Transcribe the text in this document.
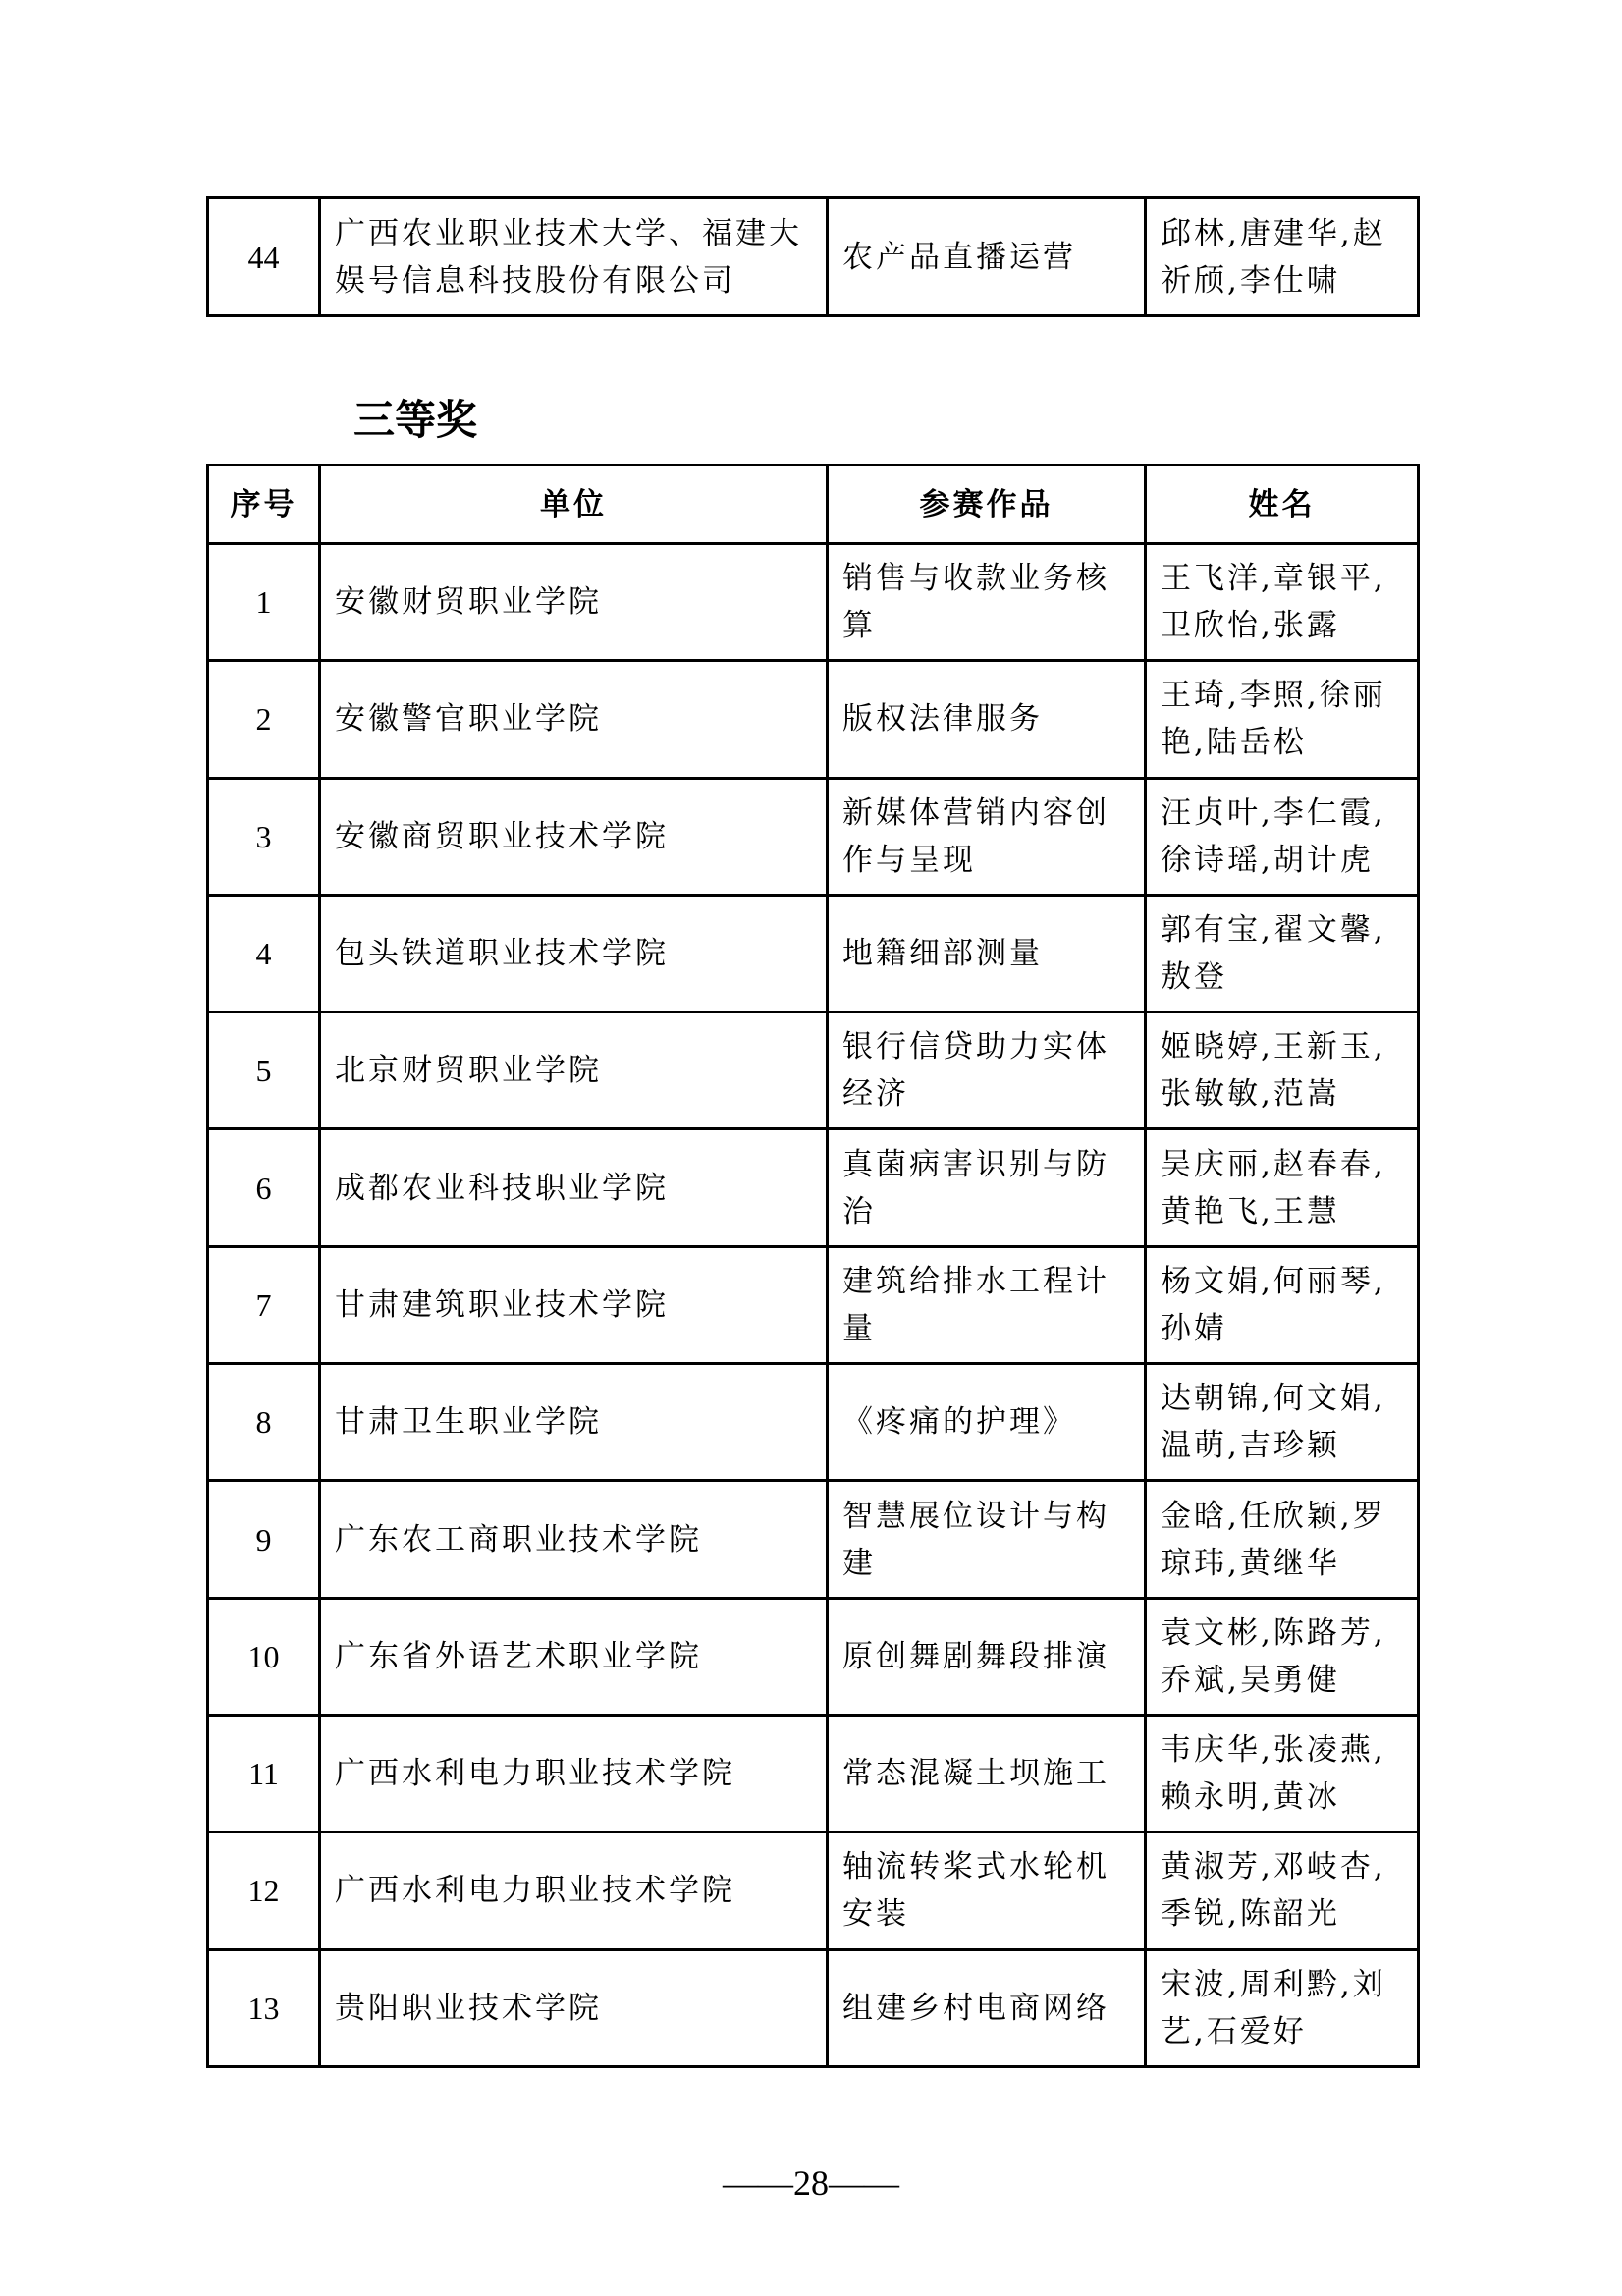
44	广西农业职业技术大学、福建大娱号信息科技股份有限公司	农产品直播运营	邱林,唐建华,赵祈颀,李仕啸
三等奖
序号	单位	参赛作品	姓名
1	安徽财贸职业学院	销售与收款业务核算	王飞洋,章银平,卫欣怡,张露
2	安徽警官职业学院	版权法律服务	王琦,李照,徐丽艳,陆岳松
3	安徽商贸职业技术学院	新媒体营销内容创作与呈现	汪贞叶,李仁霞,徐诗瑶,胡计虎
4	包头铁道职业技术学院	地籍细部测量	郭有宝,翟文馨,敖登
5	北京财贸职业学院	银行信贷助力实体经济	姬晓婷,王新玉,张敏敏,范嵩
6	成都农业科技职业学院	真菌病害识别与防治	吴庆丽,赵春春,黄艳飞,王慧
7	甘肃建筑职业技术学院	建筑给排水工程计量	杨文娟,何丽琴,孙婧
8	甘肃卫生职业学院	《疼痛的护理》	达朝锦,何文娟,温萌,吉珍颖
9	广东农工商职业技术学院	智慧展位设计与构建	金晗,任欣颖,罗琼玮,黄继华
10	广东省外语艺术职业学院	原创舞剧舞段排演	袁文彬,陈路芳,乔斌,吴勇健
11	广西水利电力职业技术学院	常态混凝土坝施工	韦庆华,张凌燕,赖永明,黄冰
12	广西水利电力职业技术学院	轴流转桨式水轮机安装	黄淑芳,邓岐杏,季锐,陈韶光
13	贵阳职业技术学院	组建乡村电商网络	宋波,周利黔,刘艺,石爱好
——28——
